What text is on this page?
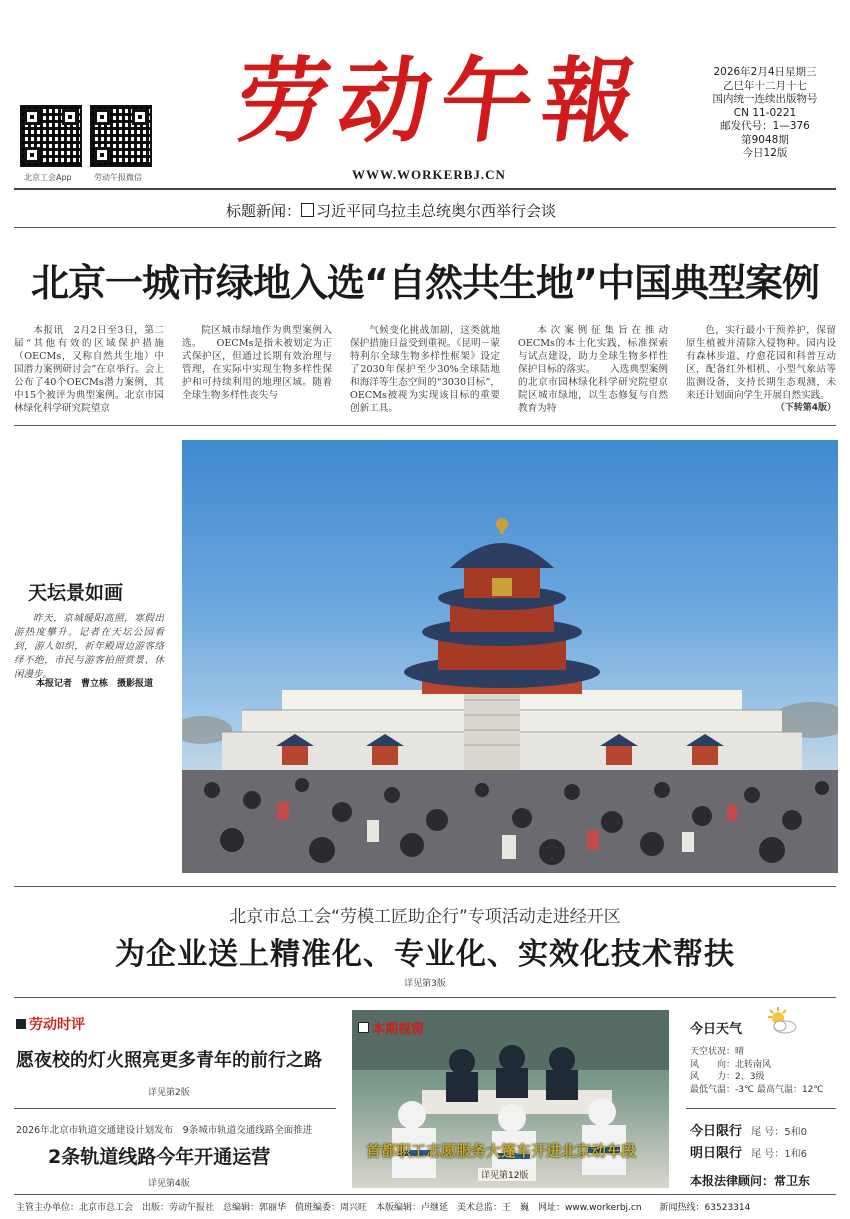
北京工会App	劳动午报微信
劳动午報
WWW.WORKERBJ.CN
2026年2月4日星期三
乙巳年十二月十七
国内统一连续出版物号
CN 11-0221
邮发代号：1—376
第9048期
今日12版
标题新闻： 习近平同乌拉圭总统奥尔西举行会谈
北京一城市绿地入选“自然共生地”中国典型案例

本报讯　2月2日至3日，第二届“其他有效的区域保护措施（OECMs，又称自然共生地）中国潜力案例研讨会”在京举行。会上公布了40个OECMs潜力案例，其中15个被评为典型案例。北京市园林绿化科学研究院望京

院区城市绿地作为典型案例入选。　　OECMs是指未被划定为正式保护区，但通过长期有效治理与管理，在实际中实现生物多样性保护和可持续利用的地理区域。随着全球生物多样性丧失与

气候变化挑战加剧，这类就地保护措施日益受到重视。《昆明－蒙特利尔全球生物多样性框架》设定了2030年保护至少30%全球陆地和海洋等生态空间的“3030目标”，OECMs被视为实现该目标的重要创新工具。

本次案例征集旨在推动OECMs的本土化实践，标准探索与试点建设，助力全球生物多样性保护目标的落实。　　入选典型案例的北京市园林绿化科学研究院望京院区城市绿地，以生态修复与自然教育为特

色，实行最小干预养护，保留原生植被并清除入侵物种。园内设有森林步道、疗愈花园和科普互动区，配备红外相机、小型气象站等监测设备，支持长期生态观测，未来还计划面向学生开展自然实践。

（下转第4版）
天坛景如画
昨天，京城暖阳高照，寒假出游热度攀升。记者在天坛公园看到，游人如织，祈年殿周边游客络绎不绝，市民与游客拍照赏景、休闲漫步。
本报记者　曹立栋　摄影报道
北京市总工会“劳模工匠助企行”专项活动走进经开区
为企业送上精准化、专业化、实效化技术帮扶
详见第3版
劳动时评
愿夜校的灯火照亮更多青年的前行之路
详见第2版
2026年北京市轨道交通建设计划发布　9条城市轨道交通线路全面推进
2条轨道线路今年开通运营
详见第4版
本期视窗
首都职工志愿服务大篷车开进北京动车段
详见第12版
今日天气
天空状况：晴
风　　向：北转南风
风　　力：2、3级
最低气温：-3℃ 最高气温：12℃
今日限行 尾 号：5和0
明日限行 尾 号：1和6
本报法律顾问：常卫东
主管主办单位：北京市总工会　出版：劳动午报社　总编辑：郭丽华　值班编委：周兴旺　本版编辑：卢继延　美术总监：王　巍　网址：www.workerbj.cn　　新闻热线：63523314
